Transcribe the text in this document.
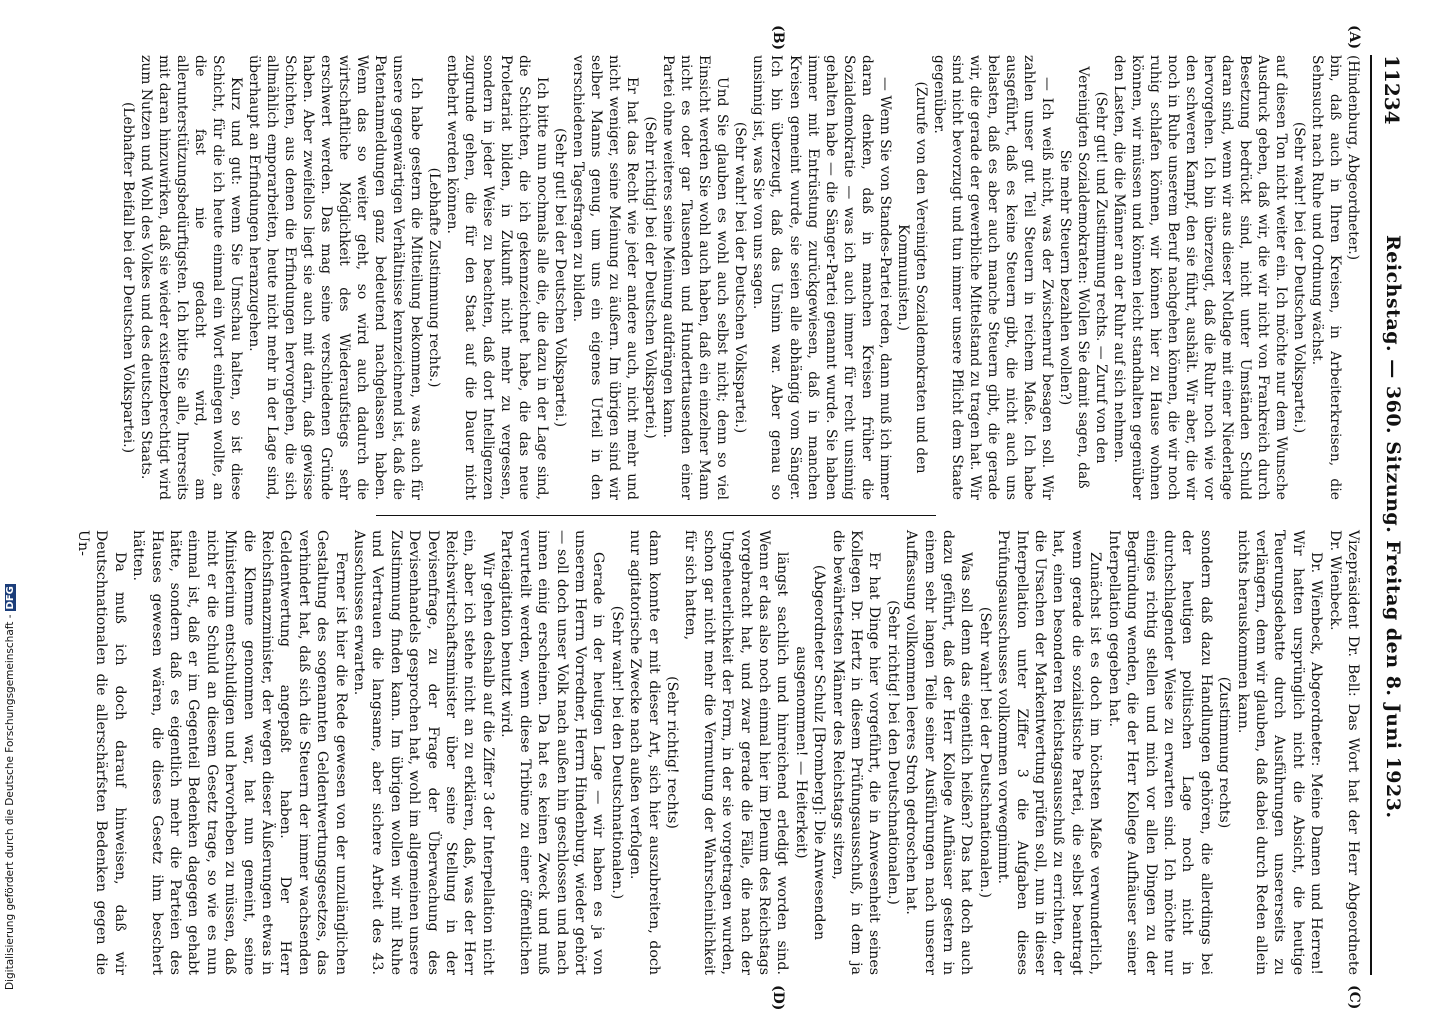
11234
Reichstag. — 360. Sitzung. Freitag den 8. Juni 1923.
(A)
(B)
(C)
(D)

(Hindenburg, Abgeordneter.)

bin, daß auch in Ihren Kreisen, in Arbeiterkreisen, die Sehnsucht nach Ruhe und Ordnung wächst.

(Sehr wahr! bei der Deutschen Volkspartei.)

auf diesen Ton nicht weiter ein. Ich möchte nur dem Wunsche Ausdruck geben, daß wir, die wir nicht von Frankreich durch Besetzung bedrückt sind, nicht unter Umständen Schuld daran sind, wenn wir aus dieser Notlage mit einer Niederlage hervorgehen. Ich bin überzeugt, daß die Ruhr noch wie vor den schweren Kampf, den sie führt, aushält. Wir aber, die wir noch in Ruhe unserem Beruf nachgehen können, die wir noch ruhig schlafen können, wir können hier zu Hause wohnen können, wir müssen und können leicht standhalten gegenüber den Lasten, die die Männer an der Ruhr auf sich nehmen.

(Sehr gut! und Zustimmung rechts. — Zuruf von den Vereinigten Sozialdemokraten: Wollen Sie damit sagen, daß Sie mehr Steuern bezahlen wollen?)

— Ich weiß nicht, was der Zwischenruf besagen soll. Wir zahlen unser gut Teil Steuern in reichem Maße. Ich habe ausgeführt, daß es keine Steuern gibt, die nicht auch uns belasten, daß es aber auch manche Steuern gibt, die gerade wir, die gerade der gewerbliche Mittelstand zu tragen hat. Wir sind nicht bevorzugt und tun immer unsere Pflicht dem Staate gegenüber.

(Zurufe von den Vereinigten Sozialdemokraten und den Kommunisten.)

— Wenn Sie von Standes-Partei reden, dann muß ich immer daran denken, daß in manchen Kreisen früher die Sozialdemokratie — was ich auch immer für recht unsinnig gehalten habe — die Sänger-Partei genannt wurde. Sie haben immer mit Entrüstung zurückgewiesen, daß in manchen Kreisen gemeint wurde, sie seien alle abhängig vom Sänger. Ich bin überzeugt, daß das Unsinn war. Aber genau so unsinnig ist, was Sie von uns sagen.

(Sehr wahr! bei der Deutschen Volkspartei.)

Und Sie glauben es wohl auch selbst nicht; denn so viel Einsicht werden Sie wohl auch haben, daß ein einzelner Mann nicht es oder gar Tausenden und Hunderttausenden einer Partei ohne weiteres seine Meinung aufdrängen kann.

(Sehr richtig! bei der Deutschen Volkspartei.)

Er hat das Recht wie jeder andere auch, nicht mehr und nicht weniger, seine Meinung zu äußern. Im übrigen sind wir selber Manns genug, um uns ein eigenes Urteil in den verschiedenen Tagesfragen zu bilden.

(Sehr gut! bei der Deutschen Volkspartei.)

Ich bitte nun nochmals alle die, die dazu in der Lage sind, die Schichten, die ich gekennzeichnet habe, die das neue Proletariat bilden, in Zukunft nicht mehr zu vergessen, sondern in jeder Weise zu beachten, daß dort Intelligenzen zugrunde gehen, die für den Staat auf die Dauer nicht entbehrt werden können.

(Lebhafte Zustimmung rechts.)

Ich habe gestern die Mitteilung bekommen, was auch für unsere gegenwärtigen Verhältnisse kennzeichnend ist, daß die Patentanmeldungen ganz bedeutend nachgelassen haben. Wenn das so weiter geht, so wird auch dadurch die wirtschaftliche Möglichkeit des Wiederaufstiegs sehr erschwert werden. Das mag seine verschiedenen Gründe haben. Aber zweifellos liegt sie auch mit darin, daß gewisse Schichten, aus denen die Erfindungen hervorgehen, die sich allmählich emporarbeiten, heute nicht mehr in der Lage sind, überhaupt an Erfindungen heranzugehen.

Kurz und gut: wenn Sie Umschau halten, so ist diese Schicht, für die ich heute einmal ein Wort einlegen wollte, an die fast nie gedacht wird, am allerunterstützungsbedürftigsten. Ich bitte Sie alle, Ihrerseits mit daran hinzuwirken, daß sie wieder existenzberechtigt wird zum Nutzen und Wohl des Volkes und des deutschen Staats.

(Lebhafter Beifall bei der Deutschen Volkspartei.)

Vizepräsident Dr. Bell: Das Wort hat der Herr Abgeordnete Dr. Wienbeck.

Dr. Wienbeck, Abgeordneter: Meine Damen und Herren! Wir hatten ursprünglich nicht die Absicht, die heutige Teuerungsdebatte durch Ausführungen unsererseits zu verlängern, denn wir glauben, daß dabei durch Reden allein nichts herauskommen kann.

(Zustimmung rechts)

sondern daß dazu Handlungen gehören, die allerdings bei der heutigen politischen Lage noch nicht in durchschlagender Weise zu erwarten sind. Ich möchte nur einiges richtig stellen und mich vor allen Dingen zu der Begründung wenden, die der Herr Kollege Aufhäuser seiner Interpellation gegeben hat.

Zunächst ist es doch im höchsten Maße verwunderlich, wenn gerade die sozialistische Partei, die selbst beantragt hat, einen besonderen Reichstagsausschuß zu errichten, der die Ursachen der Markentwertung prüfen soll, nun in dieser Interpellation unter Ziffer 3 die Aufgaben dieses Prüfungsausschusses vollkommen vorwegnimmt.

(Sehr wahr! bei der Deutschnationalen.)

Was soll denn das eigentlich heißen? Das hat doch auch dazu geführt, daß der Herr Kollege Aufhäuser gestern in einem sehr langen Teile seiner Ausführungen nach unserer Auffassung vollkommen leeres Stroh gedroschen hat.

(Sehr richtig! bei den Deutschnationalen.)

Er hat Dinge hier vorgeführt, die in Anwesenheit seines Kollegen Dr. Hertz in diesem Prüfungsausschuß, in dem ja die bewährtesten Männer des Reichstags sitzen,

(Abgeordneter Schulz [Bromberg]: Die Anwesenden ausgenommen! — Heiterkeit)

längst sachlich und hinreichend erledigt worden sind. Wenn er das also noch einmal hier im Plenum des Reichstags vorgebracht hat, und zwar gerade die Fälle, die nach der Ungeheuerlichkeit der Form, in der sie vorgetragen wurden, schon gar nicht mehr die Vermutung der Wahrscheinlichkeit für sich hatten,

(Sehr richtig! rechts)

dann konnte er mit dieser Art, sich hier auszubreiten, doch nur agitatorische Zwecke nach außen verfolgen.

(Sehr wahr! bei den Deutschnationalen.)

Gerade in der heutigen Lage — wir haben es ja von unserem Herrn Vorredner, Herrn Hindenburg, wieder gehört — soll doch unser Volk nach außen hin geschlossen und nach innen einig erscheinen. Da hat es keinen Zweck und muß verurteilt werden, wenn diese Tribüne zu einer öffentlichen Parteiagitation benutzt wird.

Wir gehen deshalb auf die Ziffer 3 der Interpellation nicht ein, aber ich stehe nicht an zu erklären, daß, was der Herr Reichswirtschaftsminister über seine Stellung in der Devisenfrage, zu der Frage der Überwachung des Devisenhandels gesprochen hat, wohl im allgemeinen unsere Zustimmung finden kann. Im übrigen wollen wir mit Ruhe und Vertrauen die langsame, aber sichere Arbeit des 43. Ausschusses erwarten.

Ferner ist hier die Rede gewesen von der unzulänglichen Gestaltung des sogenannten Geldentwertungsgesetzes, das verhindert hat, daß sich die Steuern der immer wachsenden Geldentwertung angepaßt haben. Der Herr Reichsfinanzminister, der wegen dieser Äußerungen etwas in die Klemme genommen war, hat nun gemeint, seine Ministerium entschuldigen und hervorheben zu müssen, daß nicht er die Schuld an diesem Gesetz trage, so wie es nun einmal ist, daß er im Gegenteil Bedenken dagegen gehabt hätte, sondern daß es eigentlich mehr die Parteien des Hauses gewesen wären, die dieses Gesetz ihm beschert hätten.

Da muß ich doch darauf hinweisen, daß wir Deutschnationalen die allerschärfsten Bedenken gegen die Un-

Digitalisierung gefördert durch die Deutsche Forschungsgemeinschaft -DFG
